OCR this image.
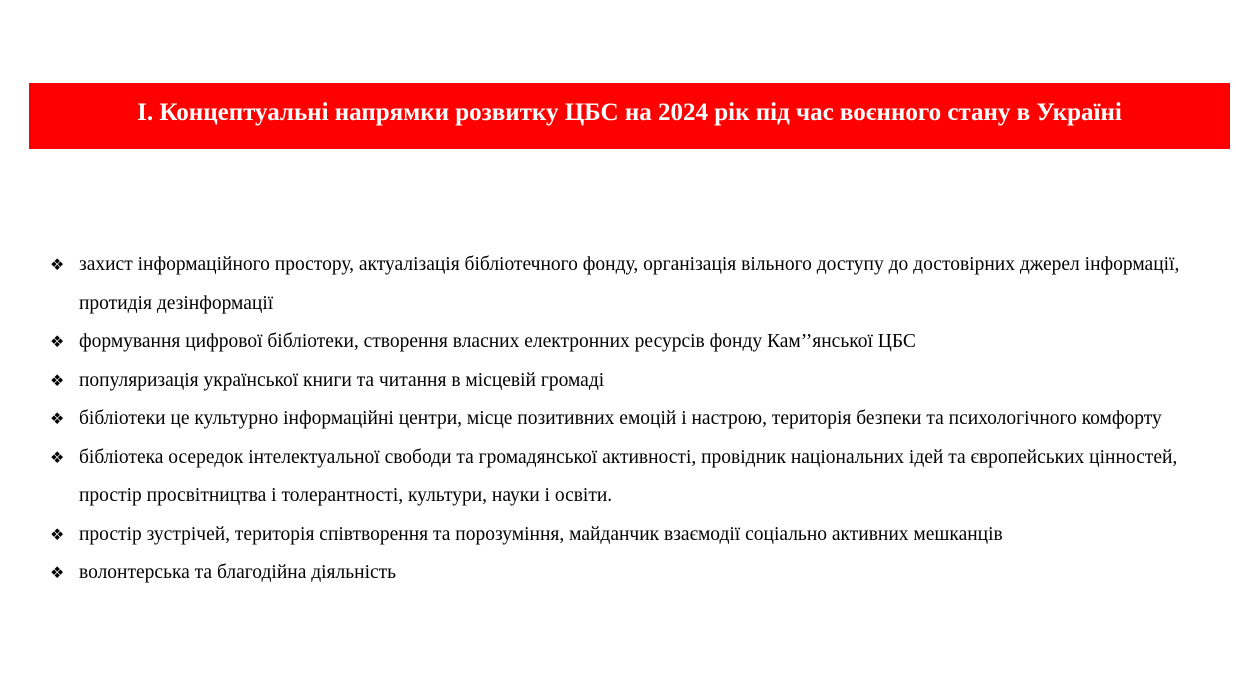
I. Концептуальні напрямки розвитку ЦБС на 2024 рік під час воєнного стану в Україні
❖ захист інформаційного простору, актуалізація бібліотечного фонду, організація вільного доступу до достовірних джерел інформації, протидія дезінформації
❖ формування цифрової бібліотеки, створення власних електронних ресурсів фонду Кам’’янської ЦБС
❖ популяризація української книги та читання в місцевій громаді
❖ бібліотеки це культурно інформаційні центри, місце позитивних емоцій і настрою, територія безпеки та психологічного комфорту
❖ бібліотека осередок інтелектуальної свободи та громадянської активності, провідник національних ідей та європейських цінностей, простір просвітництва і толерантності, культури, науки і освіти.
❖ простір зустрічей, територія співтворення та порозуміння, майданчик взаємодії соціально активних мешканців
❖ волонтерська та благодійна діяльність
